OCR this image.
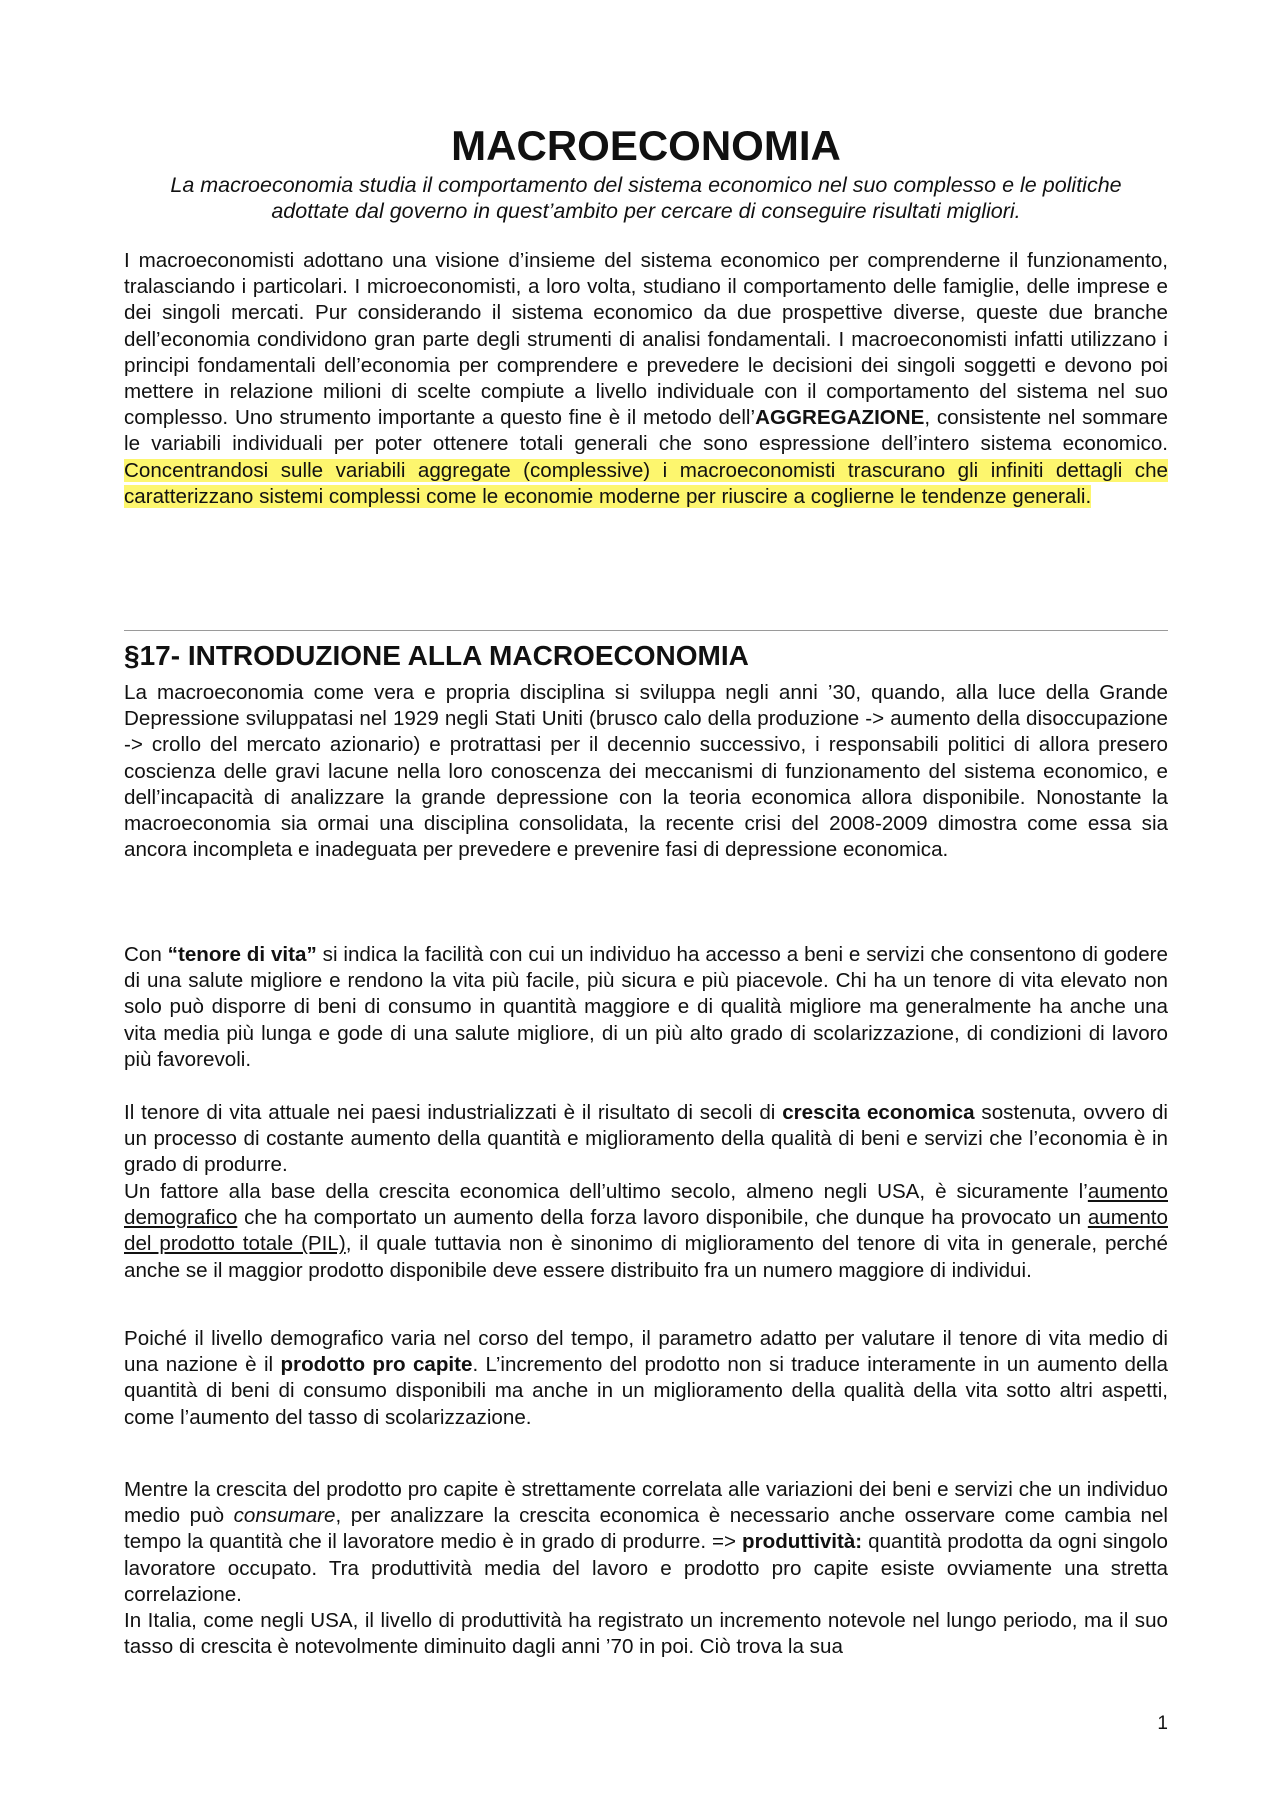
MACROECONOMIA

La macroeconomia studia il comportamento del sistema economico nel suo complesso e le politiche adottate dal governo in quest’ambito per cercare di conseguire risultati migliori.

I macroeconomisti adottano una visione d’insieme del sistema economico per comprenderne il funzionamento, tralasciando i particolari. I microeconomisti, a loro volta, studiano il comportamento delle famiglie, delle imprese e dei singoli mercati. Pur considerando il sistema economico da due prospettive diverse, queste due branche dell’economia condividono gran parte degli strumenti di analisi fondamentali. I macroeconomisti infatti utilizzano i principi fondamentali dell’economia per comprendere e prevedere le decisioni dei singoli soggetti e devono poi mettere in relazione milioni di scelte compiute a livello individuale con il comportamento del sistema nel suo complesso. Uno strumento importante a questo fine è il metodo dell’AGGREGAZIONE, consistente nel sommare le variabili individuali per poter ottenere totali generali che sono espressione dell’intero sistema economico. Concentrandosi sulle variabili aggregate (complessive) i macroeconomisti trascurano gli infiniti dettagli che caratterizzano sistemi complessi come le economie moderne per riuscire a coglierne le tendenze generali.

§17- INTRODUZIONE ALLA MACROECONOMIA

La macroeconomia come vera e propria disciplina si sviluppa negli anni ’30, quando, alla luce della Grande Depressione sviluppatasi nel 1929 negli Stati Uniti (brusco calo della produzione -> aumento della disoccupazione -> crollo del mercato azionario) e protrattasi per il decennio successivo, i responsabili politici di allora presero coscienza delle gravi lacune nella loro conoscenza dei meccanismi di funzionamento del sistema economico, e dell’incapacità di analizzare la grande depressione con la teoria economica allora disponibile. Nonostante la macroeconomia sia ormai una disciplina consolidata, la recente crisi del 2008-2009 dimostra come essa sia ancora incompleta e inadeguata per prevedere e prevenire fasi di depressione economica.

Con “tenore di vita” si indica la facilità con cui un individuo ha accesso a beni e servizi che consentono di godere di una salute migliore e rendono la vita più facile, più sicura e più piacevole. Chi ha un tenore di vita elevato non solo può disporre di beni di consumo in quantità maggiore e di qualità migliore ma generalmente ha anche una vita media più lunga e gode di una salute migliore, di un più alto grado di scolarizzazione, di condizioni di lavoro più favorevoli.

Il tenore di vita attuale nei paesi industrializzati è il risultato di secoli di crescita economica sostenuta, ovvero di un processo di costante aumento della quantità e miglioramento della qualità di beni e servizi che l’economia è in grado di produrre.

Un fattore alla base della crescita economica dell’ultimo secolo, almeno negli USA, è sicuramente l’aumento demografico che ha comportato un aumento della forza lavoro disponibile, che dunque ha provocato un aumento del prodotto totale (PIL), il quale tuttavia non è sinonimo di miglioramento del tenore di vita in generale, perché anche se il maggior prodotto disponibile deve essere distribuito fra un numero maggiore di individui.

Poiché il livello demografico varia nel corso del tempo, il parametro adatto per valutare il tenore di vita medio di una nazione è il prodotto pro capite. L’incremento del prodotto non si traduce interamente in un aumento della quantità di beni di consumo disponibili ma anche in un miglioramento della qualità della vita sotto altri aspetti, come l’aumento del tasso di scolarizzazione.

Mentre la crescita del prodotto pro capite è strettamente correlata alle variazioni dei beni e servizi che un individuo medio può consumare, per analizzare la crescita economica è necessario anche osservare come cambia nel tempo la quantità che il lavoratore medio è in grado di produrre. => produttività: quantità prodotta da ogni singolo lavoratore occupato. Tra produttività media del lavoro e prodotto pro capite esiste ovviamente una stretta correlazione.

In Italia, come negli USA, il livello di produttività ha registrato un incremento notevole nel lungo periodo, ma il suo tasso di crescita è notevolmente diminuito dagli anni ’70 in poi. Ciò trova la sua

1
